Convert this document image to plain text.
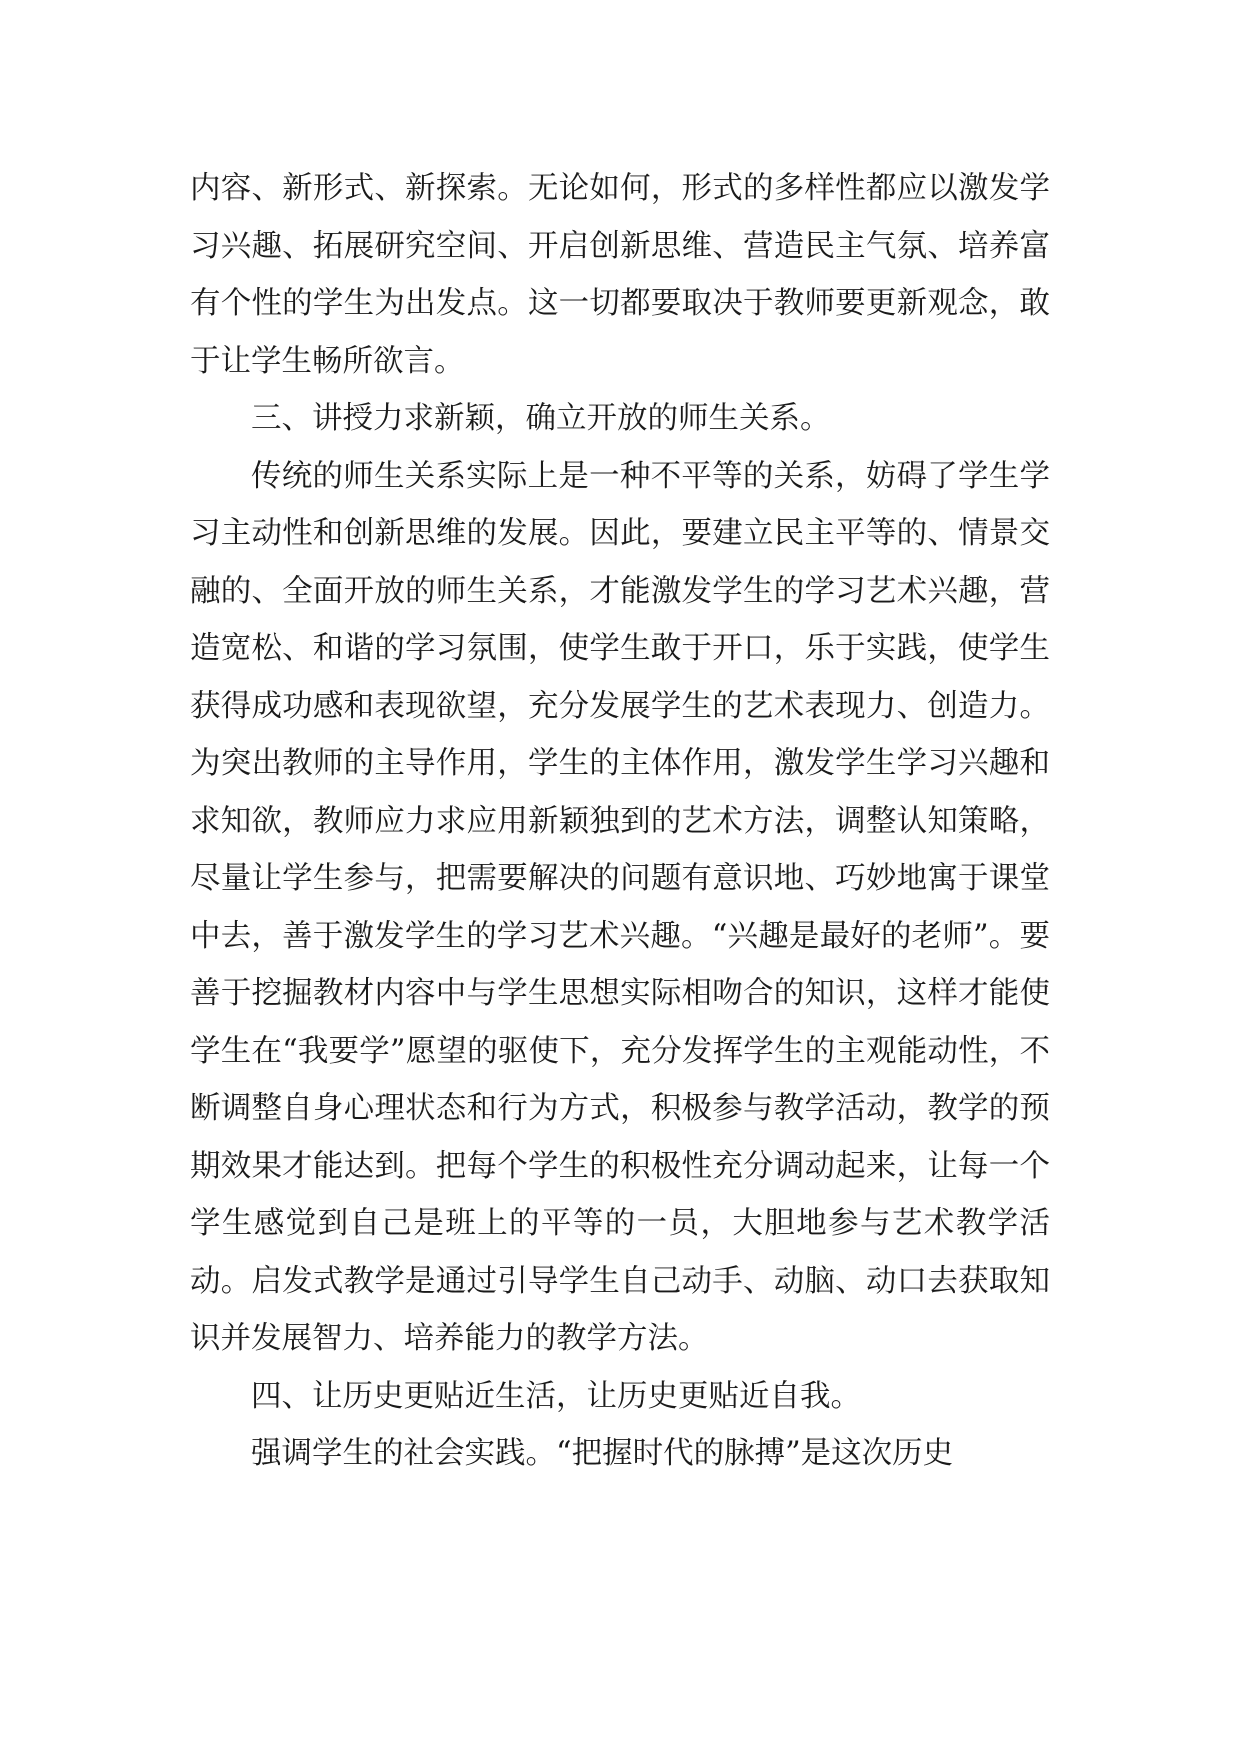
内容、新形式、新探索。无论如何，形式的多样性都应以激发学习兴趣、拓展研究空间、开启创新思维、营造民主气氛、培养富有个性的学生为出发点。这一切都要取决于教师要更新观念，敢于让学生畅所欲言。

三、讲授力求新颖，确立开放的师生关系。

传统的师生关系实际上是一种不平等的关系，妨碍了学生学习主动性和创新思维的发展。因此，要建立民主平等的、情景交融的、全面开放的师生关系，才能激发学生的学习艺术兴趣，营造宽松、和谐的学习氛围，使学生敢于开口，乐于实践，使学生获得成功感和表现欲望，充分发展学生的艺术表现力、创造力。为突出教师的主导作用，学生的主体作用，激发学生学习兴趣和求知欲，教师应力求应用新颖独到的艺术方法，调整认知策略，尽量让学生参与，把需要解决的问题有意识地、巧妙地寓于课堂中去，善于激发学生的学习艺术兴趣。“兴趣是最好的老师”。要善于挖掘教材内容中与学生思想实际相吻合的知识，这样才能使学生在“我要学”愿望的驱使下，充分发挥学生的主观能动性，不断调整自身心理状态和行为方式，积极参与教学活动，教学的预期效果才能达到。把每个学生的积极性充分调动起来，让每一个学生感觉到自己是班上的平等的一员，大胆地参与艺术教学活动。启发式教学是通过引导学生自己动手、动脑、动口去获取知识并发展智力、培养能力的教学方法。

四、让历史更贴近生活，让历史更贴近自我。

强调学生的社会实践。“把握时代的脉搏”是这次历史
